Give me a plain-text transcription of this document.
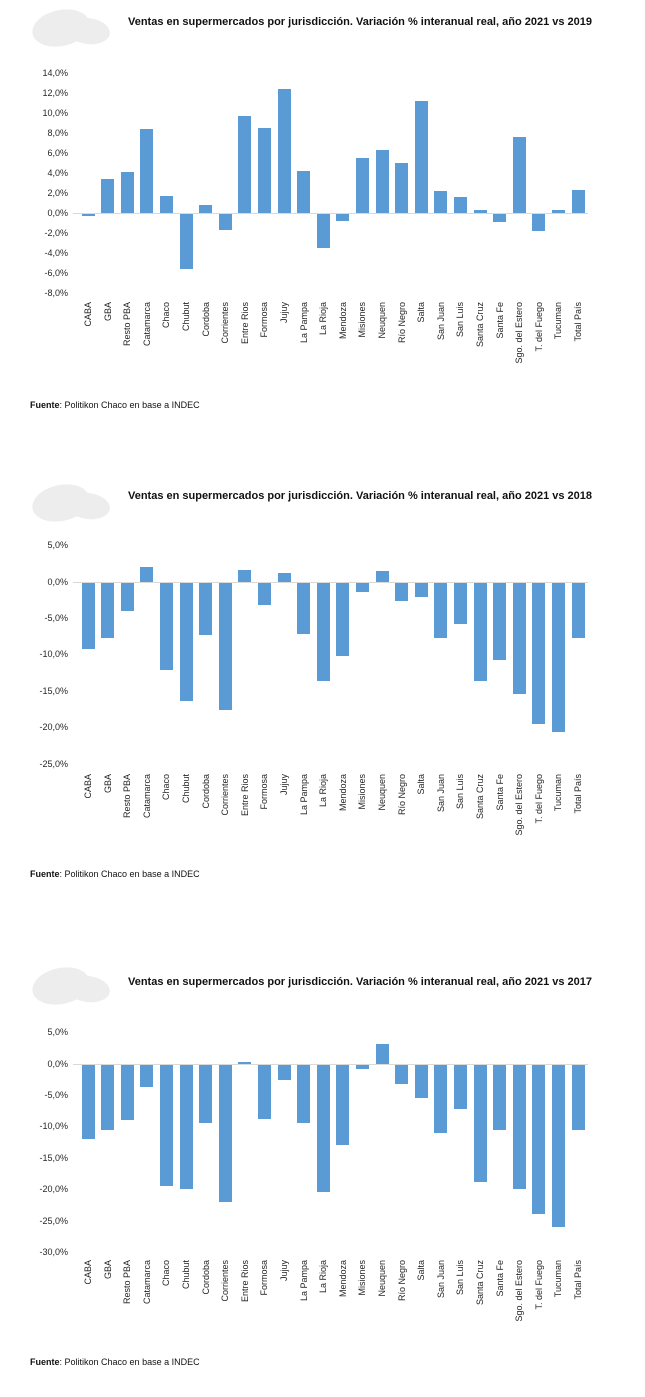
Ventas en supermercados por jurisdicción. Variación % interanual real, año 2021 vs 2019
14,0%
12,0%
10,0%
8,0%
6,0%
4,0%
2,0%
0,0%
-2,0%
-4,0%
-6,0%
-8,0%
CABA GBA Resto PBA Catamarca Chaco Chubut Cordoba Corrientes Entre Rios Formosa Jujuy La Pampa La Rioja Mendoza Misiones Neuquen Río Negro Salta San Juan San Luis Santa Cruz Santa Fe Sgo. del Estero T. del Fuego Tucuman Total País

Fuente: Politikon Chaco en base a INDEC

Ventas en supermercados por jurisdicción. Variación % interanual real, año 2021 vs 2018
5,0%
0,0%
-5,0%
-10,0%
-15,0%
-20,0%
-25,0%
CABA GBA Resto PBA Catamarca Chaco Chubut Cordoba Corrientes Entre Rios Formosa Jujuy La Pampa La Rioja Mendoza Misiones Neuquen Río Negro Salta San Juan San Luis Santa Cruz Santa Fe Sgo. del Estero T. del Fuego Tucuman Total País

Fuente: Politikon Chaco en base a INDEC

Ventas en supermercados por jurisdicción. Variación % interanual real, año 2021 vs 2017
5,0%
0,0%
-5,0%
-10,0%
-15,0%
-20,0%
-25,0%
-30,0%
CABA GBA Resto PBA Catamarca Chaco Chubut Cordoba Corrientes Entre Rios Formosa Jujuy La Pampa La Rioja Mendoza Misiones Neuquen Río Negro Salta San Juan San Luis Santa Cruz Santa Fe Sgo. del Estero T. del Fuego Tucuman Total País

Fuente: Politikon Chaco en base a INDEC
